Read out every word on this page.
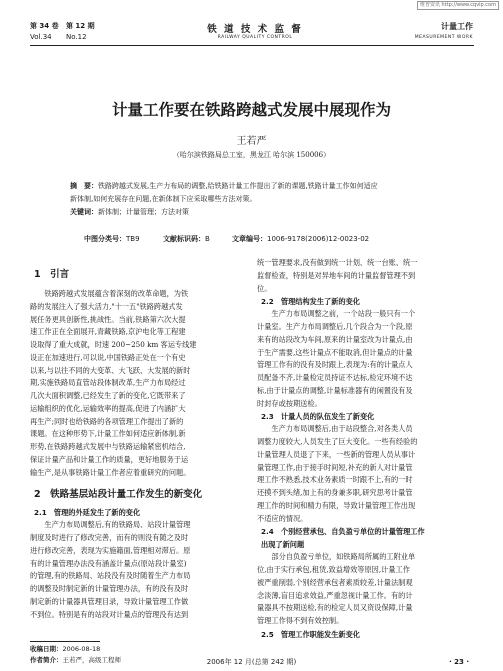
维普资讯 http://www.cqvip.com
第 34 卷 第 12 期
Vol.34 No.12
铁 道 技 术 监 督
RAILWAY QUALITY CONTROL
计量工作
MEASUREMENT WORK
计量工作要在铁路跨越式发展中展现作为
王若严
（哈尔滨铁路局总工室，黑龙江 哈尔滨 150006）
摘　要：铁路跨越式发展,生产力布局的调整,给铁路计量工作提出了新的课题,铁路计量工作如何适应
新体制,如何充展存在问题,在新体制下应采取哪些方法对策。
关键词：新体制；计量管理；方法对策
中图分类号：TB9	文献标识码：B	文章编号：1006-9178(2006)12-0023-02
1　引言
铁路跨越式发展蕴含着深刻的改革命题，为铁
路的发展注入了强大活力,"十一五"铁路跨越式发
展任务更具创新性,挑战性。当前,铁路第六次大提
速工作正在全面展开,青藏铁路,京沪电化等工程建
设取得了重大成就，时速 200~250 km 客运专线建
设正在加速进行,可以说,中国铁路正处在一个有史
以来,与以往不同的大变革、大飞跃、大发展的新时
期,实施铁路局直管站段体制改革,生产力布局经过
几次大面积调整,已经发生了新的变化,它既带来了
运输组织的优化,运输效率的提高,促进了内涵扩大
再生产;同时也给铁路的各项管理工作提出了新的
课题。在这种形势下,计量工作如何适应新体制,新
形势,在铁路跨越式发展中与铁路运输紧密机结合,
保证计量产品和计量工作的质量，更好地服务于运
输生产,是从事铁路计量工作者应着重研究的问题。
2　铁路基层站段计量工作发生的新变化
2.1　管理的外延发生了新的变化
生产力布局调整后,有的铁路局、站段计量管理
制度及时进行了修改完善，而有的则没有随之及时
进行修改完善，表现为实施籍面,管理相对滞后。原
有的计量管理办法没有涵盖计量点(原站段计量室)
的管理,有的铁路局、站段没有及时随着生产力布局
的调整及时制定新的计量管理办法，有的没有及时
制定新的计量器具管理目录，导致计量管理工作做
不到位。特别是有的站段对计量点的管理没有达到
收稿日期：2006-08-18
作者简介：王若严，高级工程师
统一管理要求,没有做到统一计划、统一台账、统一
监督检查，特别是对异地车间的计量监督管理不到
位。
2.2　管理结构发生了新的变化
生产力布局调整之前，一个站段一般只有一个
计量室。生产力布局调整后,几个段合为一个段,原
来有的站段改为车间,原来的计量室改为计量点,由
于生产需要,这些计量点不能取消,但计量点的计量
管理工作有的没有及时跟上,表现为:有的计量点人
员配备不齐,计量检定员持证不达标,检定环境不达
标,由于计量点的调整,计量标准器有的闲置没有及
时封存或按期送检。
2.3　计量人员的队伍发生了新变化
生产力布局调整后,由于站段整合,对各类人员
调整力度较大,人员发生了巨大变化。一些有经验的
计量管理人员退了下来，一些新的管理人员从事计
量管理工作,由于接手时间短,补充的新人对计量管
理工作不熟悉,技术业务素质一时跟不上,有的一时
还摸不到头绪,加上有的身兼多职,研究思考计量管
理工作的时间和精力有限，导致计量管理工作出现
不适应的情况。
2.4　个别经营承包、自负盈亏单位的计量管理工作
出现了新问题
部分自负盈亏单位，如铁路局所属的工附业单
位,由于实行承包,租赁,致益增效等原因,计量工作
被严重削弱,个别经营承包者素质较差,计量法制观
念淡薄,盲目追求效益,严重忽视计量工作。有的计
量器具不按期送检,有的检定人员又资设保障,计量
管理工作得不到有效控制。
2.5　管理工作职能发生新变化
2006年 12 月(总第 242 期)	· 23 ·
